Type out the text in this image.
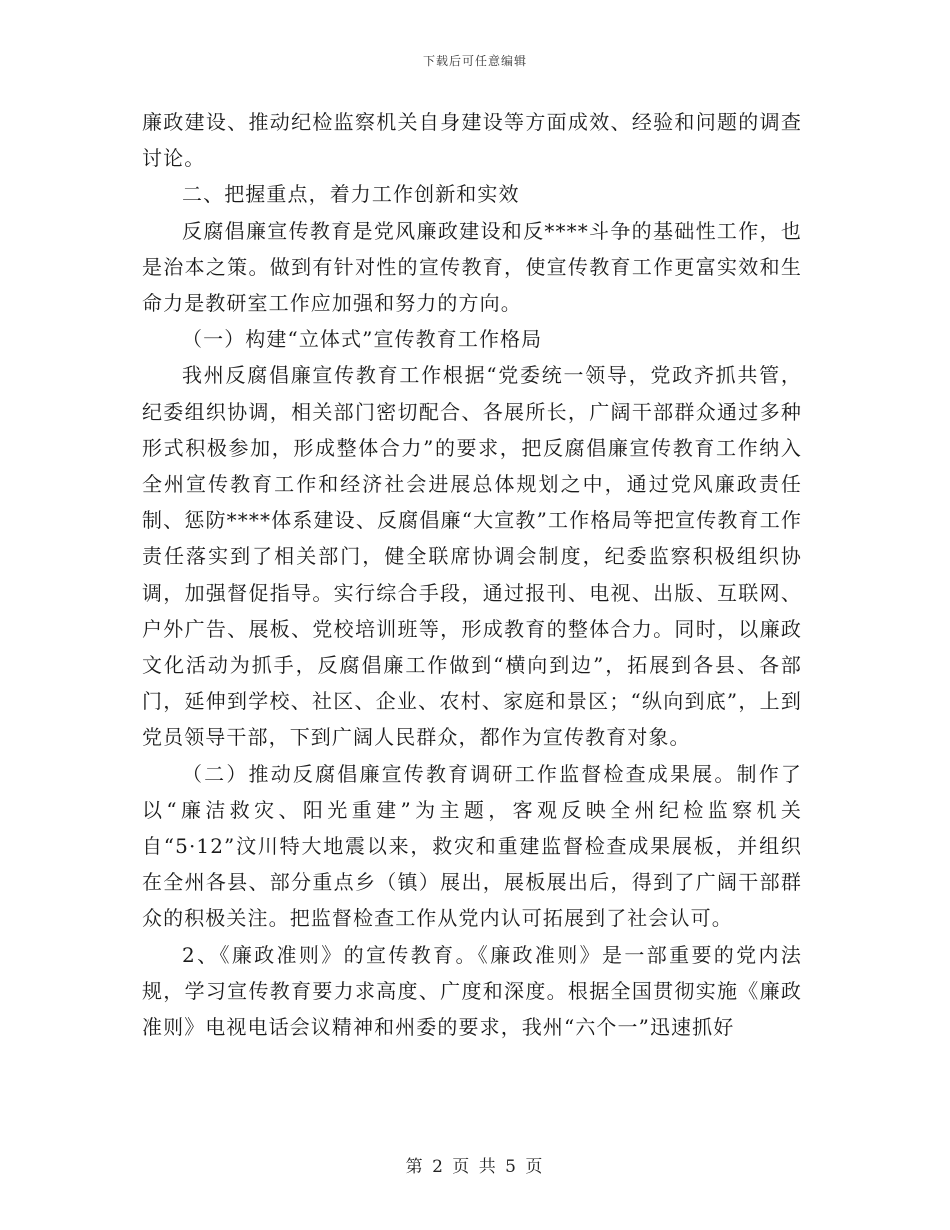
下载后可任意编辑

廉政建设、推动纪检监察机关自身建设等方面成效、经验和问题的调查讨论。

二、把握重点，着力工作创新和实效

反腐倡廉宣传教育是党风廉政建设和反****斗争的基础性工作，也是治本之策。做到有针对性的宣传教育，使宣传教育工作更富实效和生命力是教研室工作应加强和努力的方向。

（一）构建“立体式”宣传教育工作格局

我州反腐倡廉宣传教育工作根据“党委统一领导，党政齐抓共管，纪委组织协调，相关部门密切配合、各展所长，广阔干部群众通过多种形式积极参加，形成整体合力”的要求，把反腐倡廉宣传教育工作纳入全州宣传教育工作和经济社会进展总体规划之中，通过党风廉政责任制、惩防****体系建设、反腐倡廉“大宣教”工作格局等把宣传教育工作责任落实到了相关部门，健全联席协调会制度，纪委监察积极组织协调，加强督促指导。实行综合手段，通过报刊、电视、出版、互联网、户外广告、展板、党校培训班等，形成教育的整体合力。同时，以廉政文化活动为抓手，反腐倡廉工作做到“横向到边”，拓展到各县、各部门，延伸到学校、社区、企业、农村、家庭和景区；“纵向到底”，上到党员领导干部，下到广阔人民群众，都作为宣传教育对象。

（二）推动反腐倡廉宣传教育调研工作监督检查成果展。制作了以“廉洁救灾、阳光重建”为主题，客观反映全州纪检监察机关自“5·12”汶川特大地震以来，救灾和重建监督检查成果展板，并组织在全州各县、部分重点乡（镇）展出，展板展出后，得到了广阔干部群众的积极关注。把监督检查工作从党内认可拓展到了社会认可。

2、《廉政准则》的宣传教育。《廉政准则》是一部重要的党内法规，学习宣传教育要力求高度、广度和深度。根据全国贯彻实施《廉政准则》电视电话会议精神和州委的要求，我州“六个一”迅速抓好

第 2 页 共 5 页
